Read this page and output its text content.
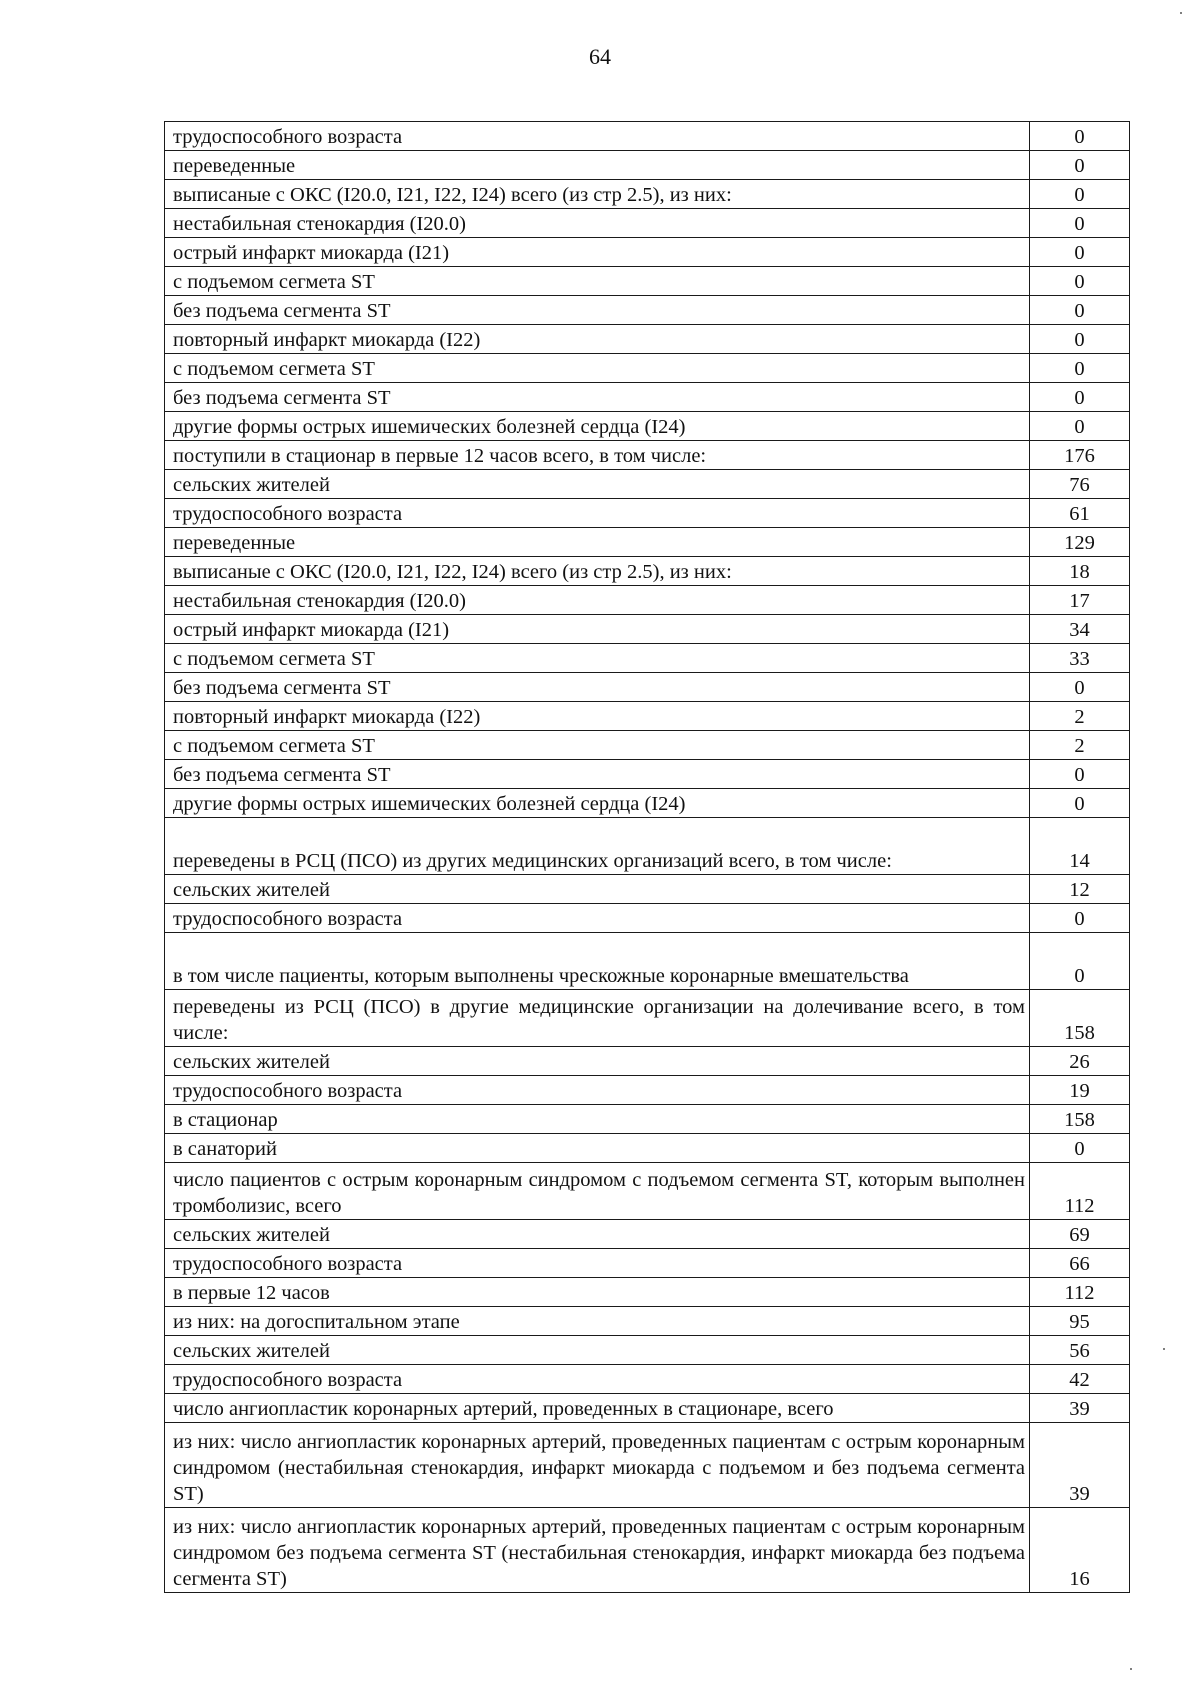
64
трудоспособного возраста	0
переведенные	0
выписаные с ОКС (I20.0, I21, I22, I24) всего (из стр 2.5), из них:	0
нестабильная стенокардия (I20.0)	0
острый инфаркт миокарда (I21)	0
с подъемом сегмета ST	0
без подъема сегмента ST	0
повторный инфаркт миокарда (I22)	0
с подъемом сегмета ST	0
без подъема сегмента ST	0
другие формы острых ишемических болезней сердца (I24)	0
поступили в стационар в первые 12 часов всего, в том числе:	176
сельских жителей	76
трудоспособного возраста	61
переведенные	129
выписаные с ОКС (I20.0, I21, I22, I24) всего (из стр 2.5), из них:	18
нестабильная стенокардия (I20.0)	17
острый инфаркт миокарда (I21)	34
с подъемом сегмета ST	33
без подъема сегмента ST	0
повторный инфаркт миокарда (I22)	2
с подъемом сегмета ST	2
без подъема сегмента ST	0
другие формы острых ишемических болезней сердца (I24)	0
переведены в РСЦ (ПСО) из других медицинских организаций всего, в том числе:	14
сельских жителей	12
трудоспособного возраста	0
в том числе пациенты, которым выполнены чрескожные коронарные вмешательства	0
переведены из РСЦ (ПСО) в другие медицинские организации на долечивание всего, в том числе:	158
сельских жителей	26
трудоспособного возраста	19
в стационар	158
в санаторий	0
число пациентов с острым коронарным синдромом с подъемом сегмента ST, которым выполнен тромболизис, всего	112
сельских жителей	69
трудоспособного возраста	66
в первые 12 часов	112
из них: на догоспитальном этапе	95
сельских жителей	56
трудоспособного возраста	42
число ангиопластик коронарных артерий, проведенных в стационаре, всего	39
из них: число ангиопластик коронарных артерий, проведенных пациентам с острым коронарным синдромом (нестабильная стенокардия, инфаркт миокарда с подъемом и без подъема сегмента ST)	39
из них: число ангиопластик коронарных артерий, проведенных пациентам с острым коронарным синдромом без подъема сегмента ST (нестабильная стенокардия, инфаркт миокарда без подъема сегмента ST)	16
